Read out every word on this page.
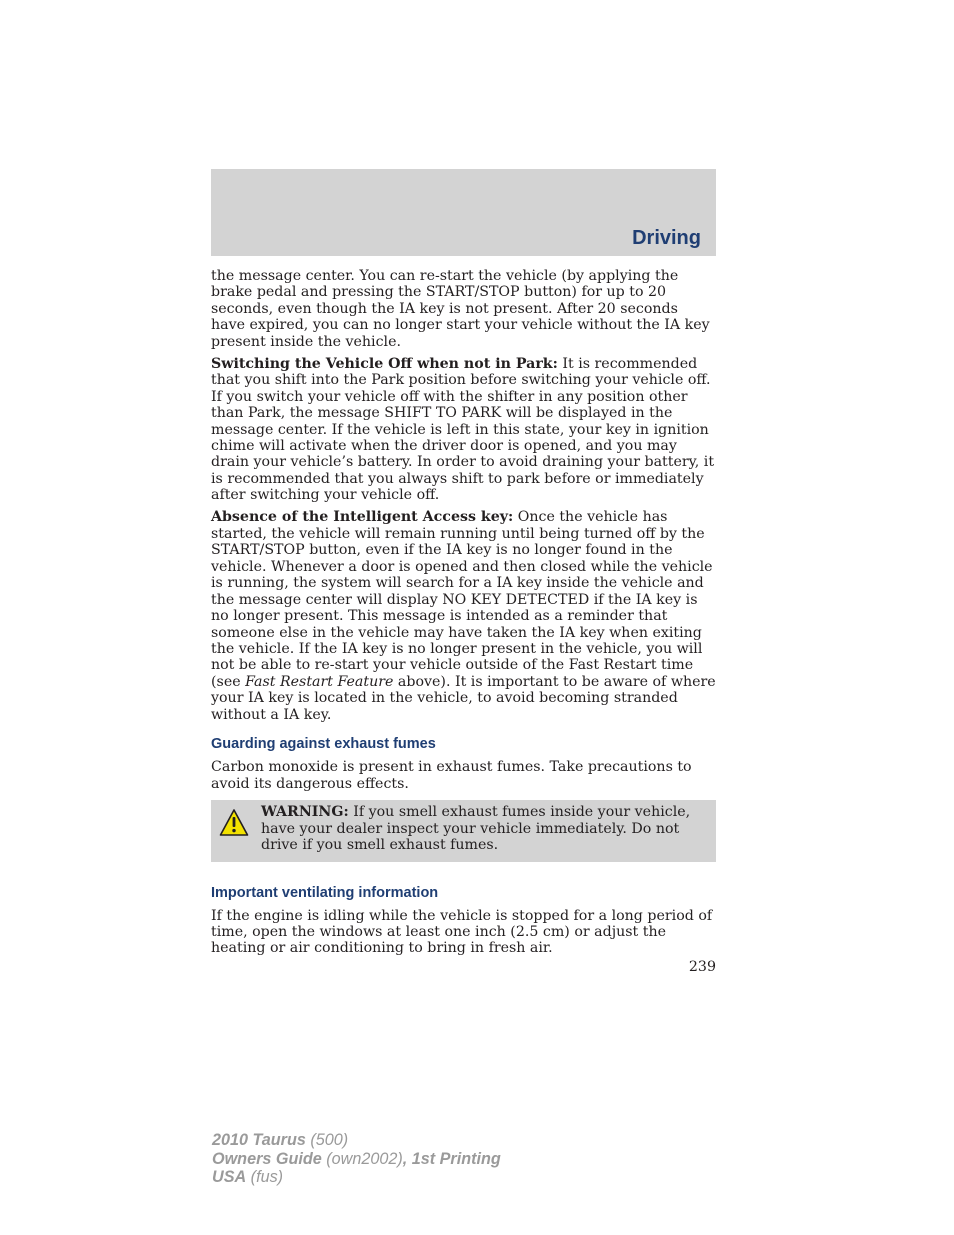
Driving

the message center. You can re-start the vehicle (by applying the brake pedal and pressing the START/STOP button) for up to 20 seconds, even though the IA key is not present. After 20 seconds have expired, you can no longer start your vehicle without the IA key present inside the vehicle.

Switching the Vehicle Off when not in Park: It is recommended that you shift into the Park position before switching your vehicle off. If you switch your vehicle off with the shifter in any position other than Park, the message SHIFT TO PARK will be displayed in the message center. If the vehicle is left in this state, your key in ignition chime will activate when the driver door is opened, and you may drain your vehicle’s battery. In order to avoid draining your battery, it is recommended that you always shift to park before or immediately after switching your vehicle off.

Absence of the Intelligent Access key: Once the vehicle has started, the vehicle will remain running until being turned off by the START/STOP button, even if the IA key is no longer found in the vehicle. Whenever a door is opened and then closed while the vehicle is running, the system will search for a IA key inside the vehicle and the message center will display NO KEY DETECTED if the IA key is no longer present. This message is intended as a reminder that someone else in the vehicle may have taken the IA key when exiting the vehicle. If the IA key is no longer present in the vehicle, you will not be able to re-start your vehicle outside of the Fast Restart time (see Fast Restart Feature above). It is important to be aware of where your IA key is located in the vehicle, to avoid becoming stranded without a IA key.

Guarding against exhaust fumes

Carbon monoxide is present in exhaust fumes. Take precautions to avoid its dangerous effects.

WARNING: If you smell exhaust fumes inside your vehicle, have your dealer inspect your vehicle immediately. Do not drive if you smell exhaust fumes.

Important ventilating information

If the engine is idling while the vehicle is stopped for a long period of time, open the windows at least one inch (2.5 cm) or adjust the heating or air conditioning to bring in fresh air.

239
2010 Taurus (500)
Owners Guide (own2002), 1st Printing
USA (fus)
